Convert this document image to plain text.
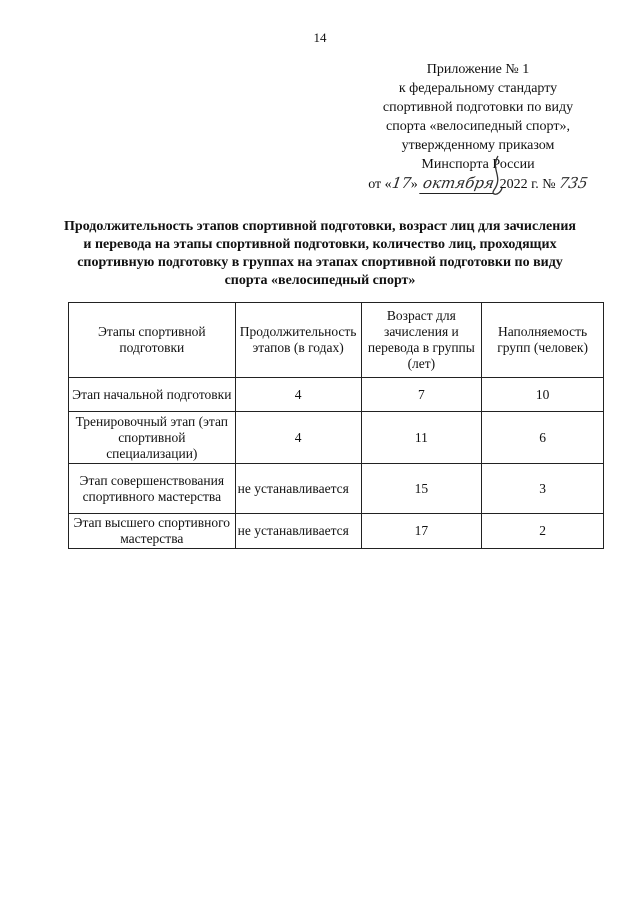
14
Приложение № 1
к федеральному стандарту
спортивной подготовки по виду
спорта «велосипедный спорт»,
утвержденному приказом
Минспорта России
от «17» октября 2022 г. № 735
Продолжительность этапов спортивной подготовки, возраст лиц для зачисления и перевода на этапы спортивной подготовки, количество лиц, проходящих спортивную подготовку в группах на этапах спортивной подготовки по виду спорта «велосипедный спорт»
Этапы спортивной подготовки	Продолжительность этапов (в годах)	Возраст для зачисления и перевода в группы (лет)	Наполняемость групп (человек)
Этап начальной подготовки	4	7	10
Тренировочный этап (этап спортивной специализации)	4	11	6
Этап совершенствования спортивного мастерства	не устанавливается	15	3
Этап высшего спортивного мастерства	не устанавливается	17	2
